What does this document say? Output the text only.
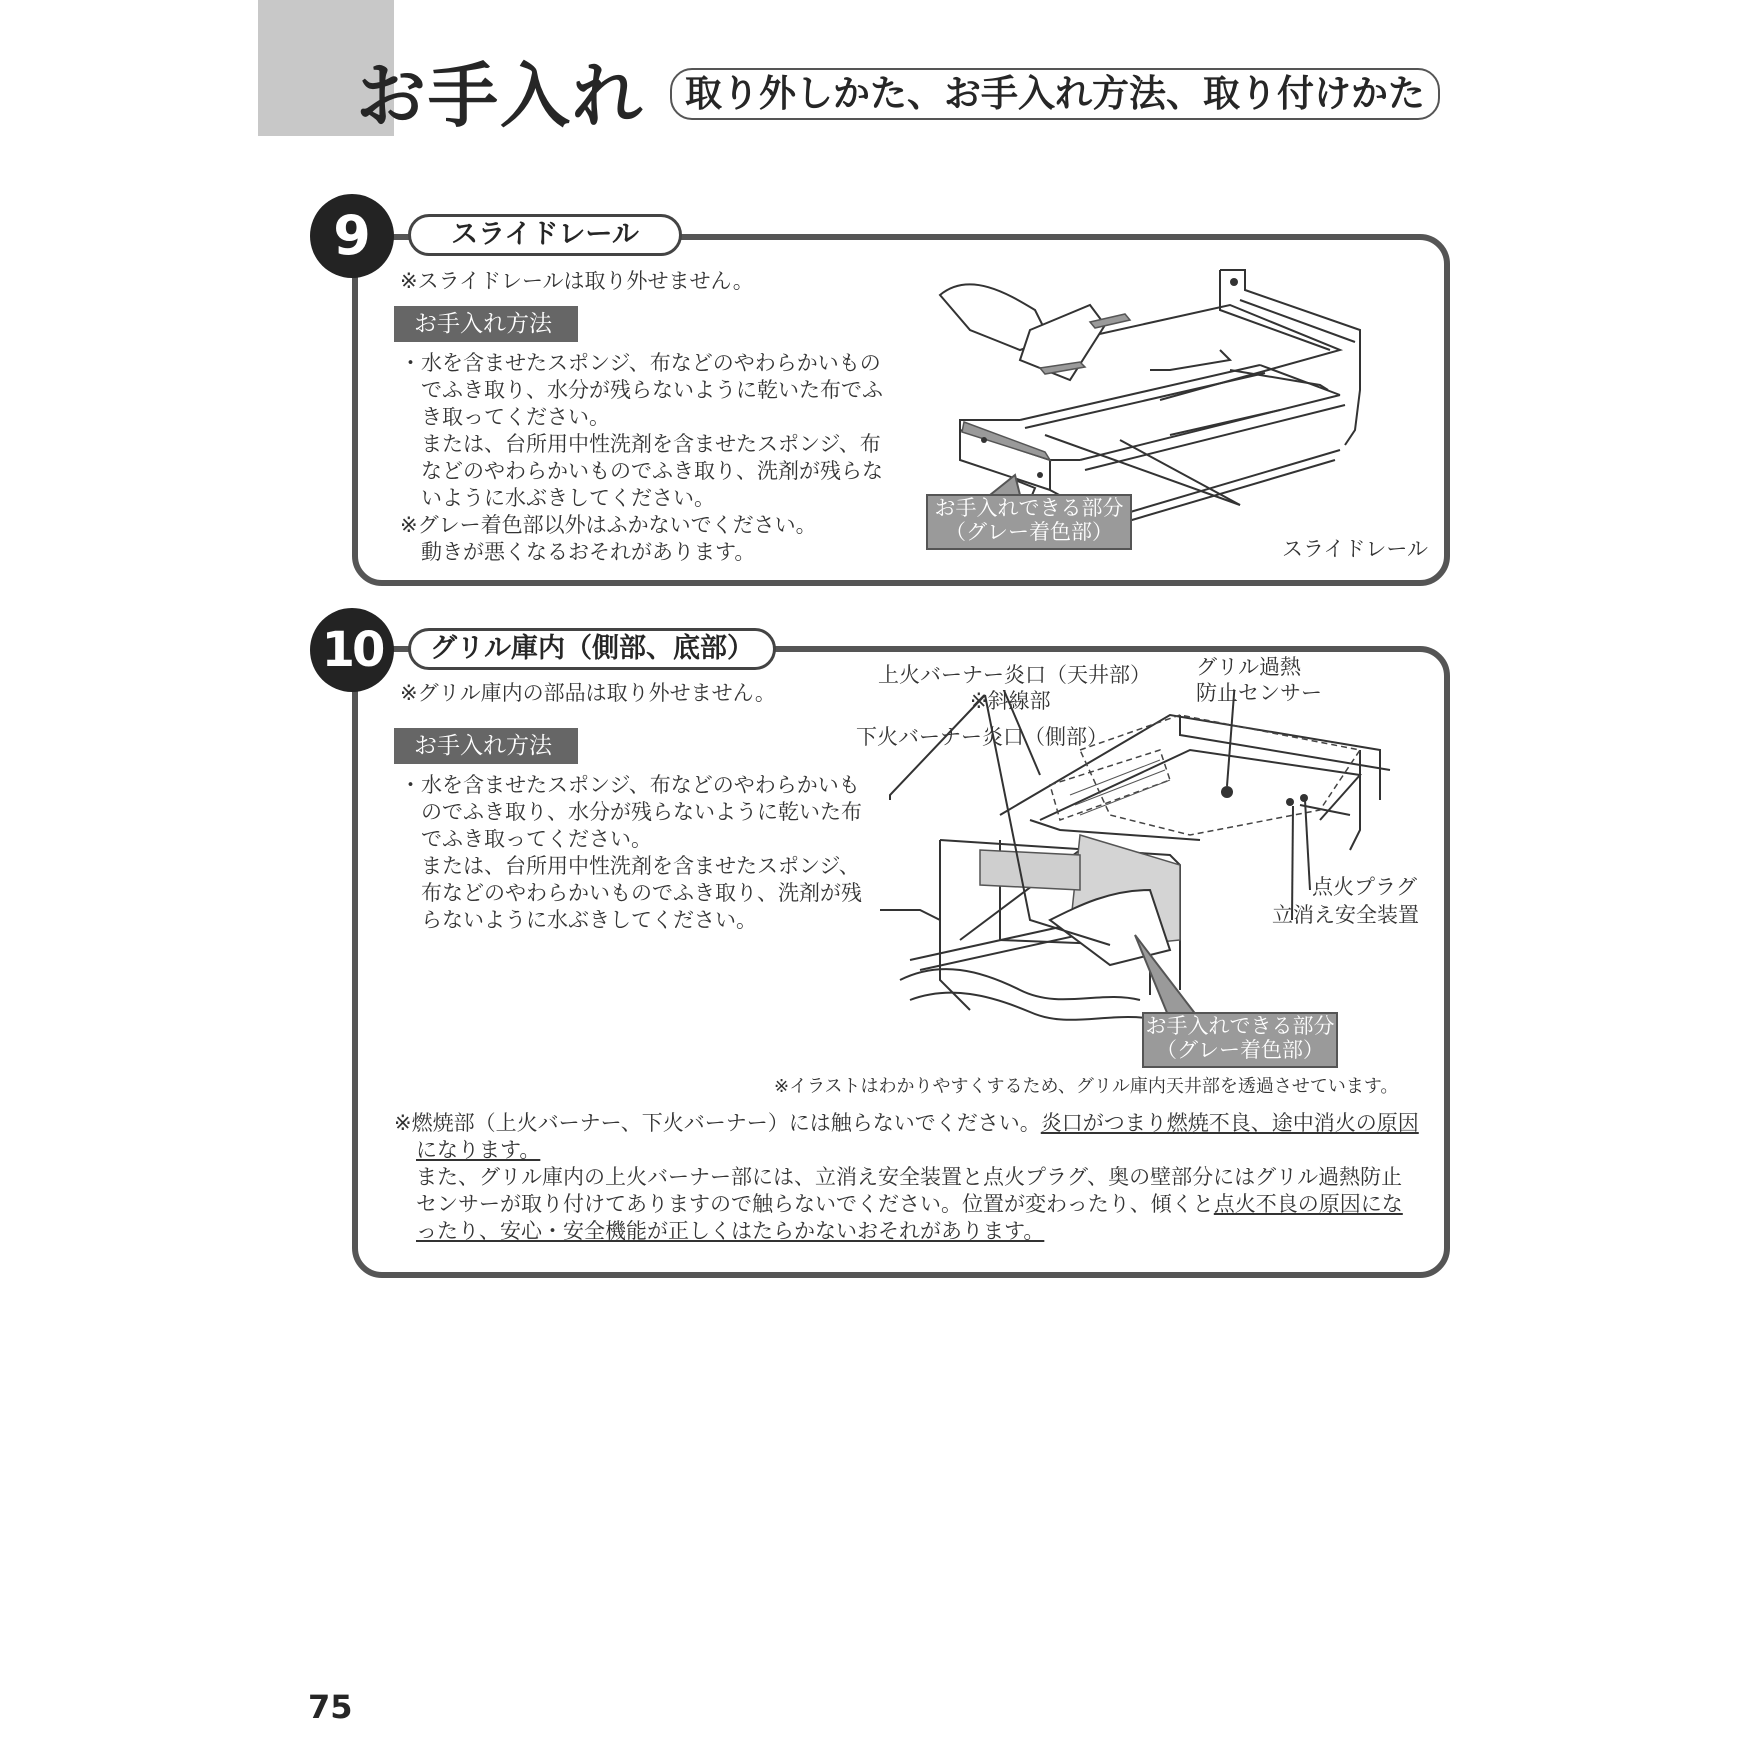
お手入れ	取り外しかた、お手入れ方法、取り付けかた
9	スライドレール
※スライドレールは取り外せません。
お手入れ方法
・水を含ませたスポンジ、布などのやわらかいもの
　でふき取り、水分が残らないように乾いた布でふ
　き取ってください。
　または、台所用中性洗剤を含ませたスポンジ、布
　などのやわらかいものでふき取り、洗剤が残らな
　いように水ぶきしてください。
※グレー着色部以外はふかないでください。
　動きが悪くなるおそれがあります。
お手入れできる部分
（グレー着色部）
スライドレール
10	グリル庫内（側部、底部）
※グリル庫内の部品は取り外せません。
お手入れ方法
・水を含ませたスポンジ、布などのやわらかいも
　のでふき取り、水分が残らないように乾いた布
　でふき取ってください。
　または、台所用中性洗剤を含ませたスポンジ、
　布などのやわらかいものでふき取り、洗剤が残
　らないように水ぶきしてください。
上火バーナー炎口（天井部）
※斜線部
下火バーナー炎口（側部）
グリル過熱
防止センサー
点火プラグ
立消え安全装置
お手入れできる部分
（グレー着色部）
※イラストはわかりやすくするため、グリル庫内天井部を透過させています。
※燃焼部（上火バーナー、下火バーナー）には触らないでください。炎口がつまり燃焼不良、途中消火の原因
になります。
また、グリル庫内の上火バーナー部には、立消え安全装置と点火プラグ、奥の壁部分にはグリル過熱防止
センサーが取り付けてありますので触らないでください。位置が変わったり、傾くと点火不良の原因にな
ったり、安心・安全機能が正しくはたらかないおそれがあります。
75
